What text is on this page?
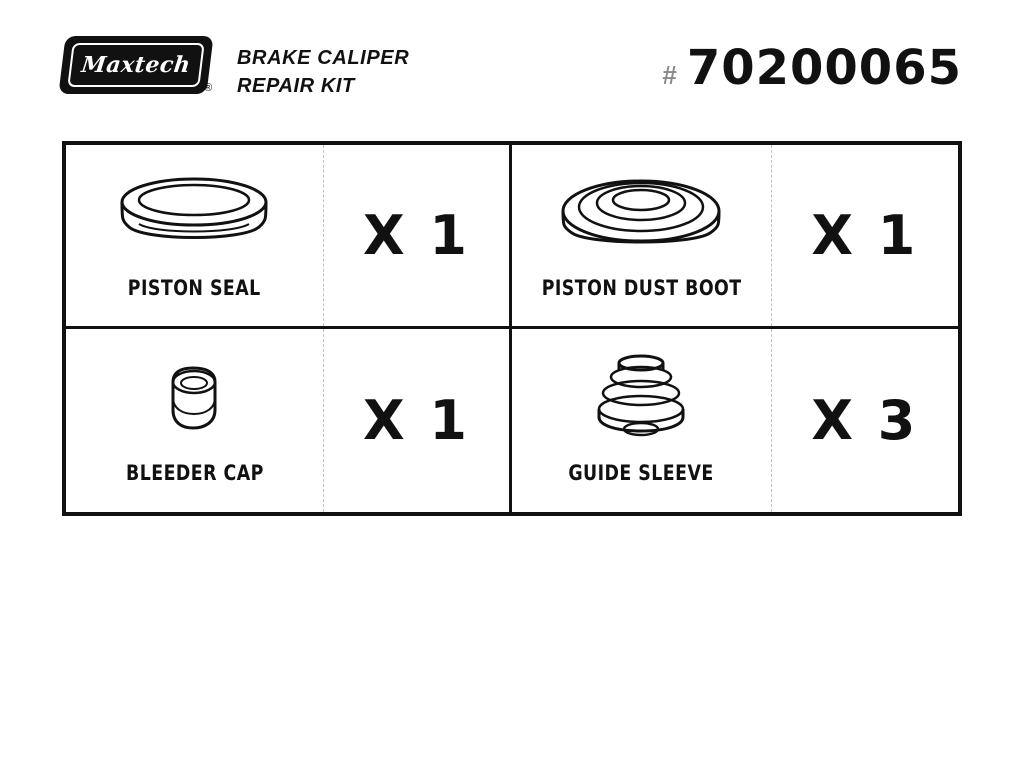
Maxtech
®
BRAKE CALIPER
REPAIR KIT	# 70200065
PISTON SEAL
X 1
PISTON DUST BOOT
X 1
BLEEDER CAP
X 1
GUIDE SLEEVE
X 3
